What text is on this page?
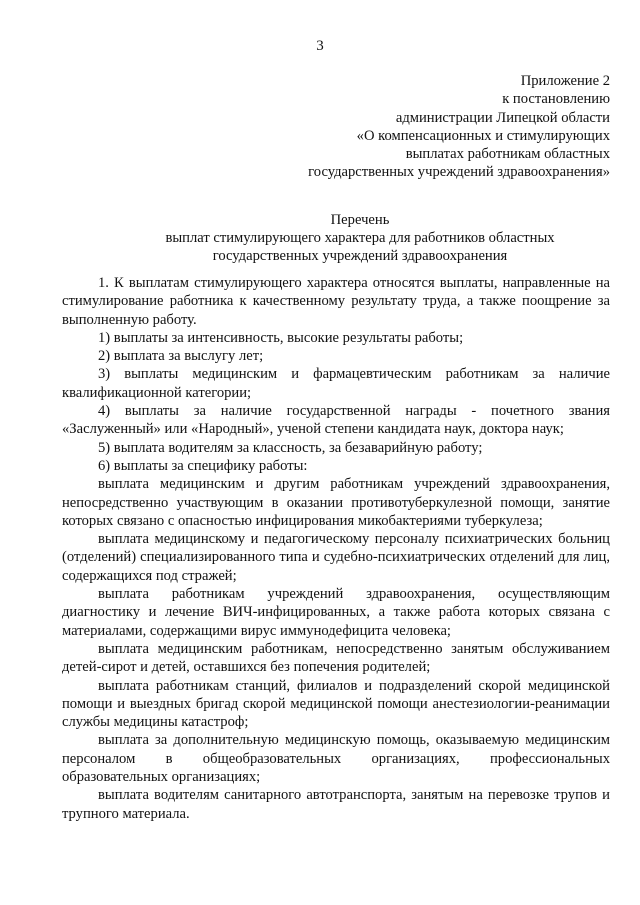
3
Приложение 2
к постановлению
администрации Липецкой области
«О компенсационных и стимулирующих
выплатах работникам областных
государственных учреждений здравоохранения»
Перечень
выплат стимулирующего характера для работников областных
государственных учреждений здравоохранения

1. К выплатам стимулирующего характера относятся выплаты, направленные на стимулирование работника к качественному результату труда, а также поощрение за выполненную работу.

1) выплаты за интенсивность, высокие результаты работы;

2) выплата за выслугу лет;

3) выплаты медицинским и фармацевтическим работникам за наличие квалификационной категории;

4) выплаты за наличие государственной награды - почетного звания «Заслуженный» или «Народный», ученой степени кандидата наук, доктора наук;

5) выплата водителям за классность, за безаварийную работу;

6) выплаты за специфику работы:

выплата медицинским и другим работникам учреждений здравоохранения, непосредственно участвующим в оказании противотуберкулезной помощи, занятие которых связано с опасностью инфицирования микобактериями туберкулеза;

выплата медицинскому и педагогическому персоналу психиатрических больниц (отделений) специализированного типа и судебно-психиатрических отделений для лиц, содержащихся под стражей;

выплата работникам учреждений здравоохранения, осуществляющим диагностику и лечение ВИЧ-инфицированных, а также работа которых связана с материалами, содержащими вирус иммунодефицита человека;

выплата медицинским работникам, непосредственно занятым обслуживанием детей-сирот и детей, оставшихся без попечения родителей;

выплата работникам станций, филиалов и подразделений скорой медицинской помощи и выездных бригад скорой медицинской помощи анестезиологии-реанимации службы медицины катастроф;

выплата за дополнительную медицинскую помощь, оказываемую медицинским персоналом в общеобразовательных организациях, профессиональных образовательных организациях;

выплата водителям санитарного автотранспорта, занятым на перевозке трупов и трупного материала.
